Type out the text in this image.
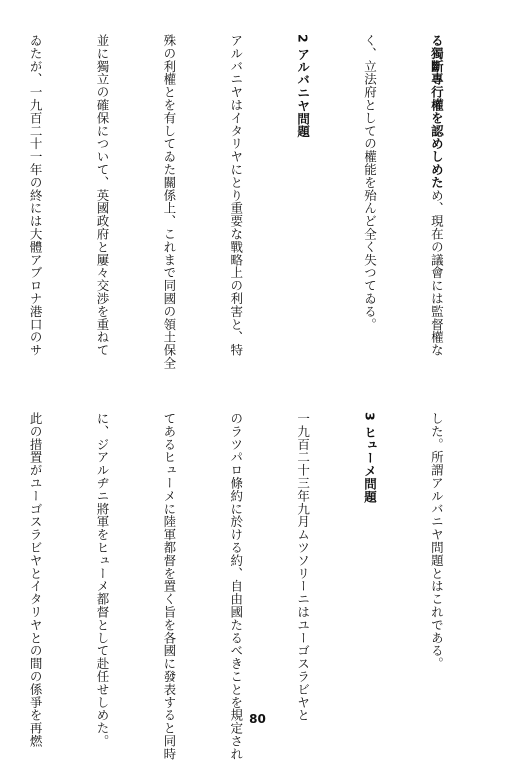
る獨斷專行權を認めしめため、現在の議會には監督權な

く、立法府としての權能を殆んど全く失つてゐる。

2 アルバニヤ問題

アルバニヤはイタリヤにとり重要な戰略上の利害と、特

殊の利權とを有してゐた關係上、これまで同國の領土保全

並に獨立の確保について、英國政府と屢々交渉を重ねて

ゐたが、一九百二十一年の終には大體アブロナ港口のサ

した。所謂アルバニヤ問題とはこれである。

3 ヒューメ問題

一九百二十三年九月ムツソリーニはユーゴスラビヤと

のラツパロ條約に於ける約、自由國たるべきことを規定され

てあるヒューメに陸軍都督を置く旨を各國に發表すると同時

に、ジアルヂニ將軍をヒューメ都督として赴任せしめた。

此の措置がユーゴスラビヤとイタリヤとの間の係爭を再燃

	80
